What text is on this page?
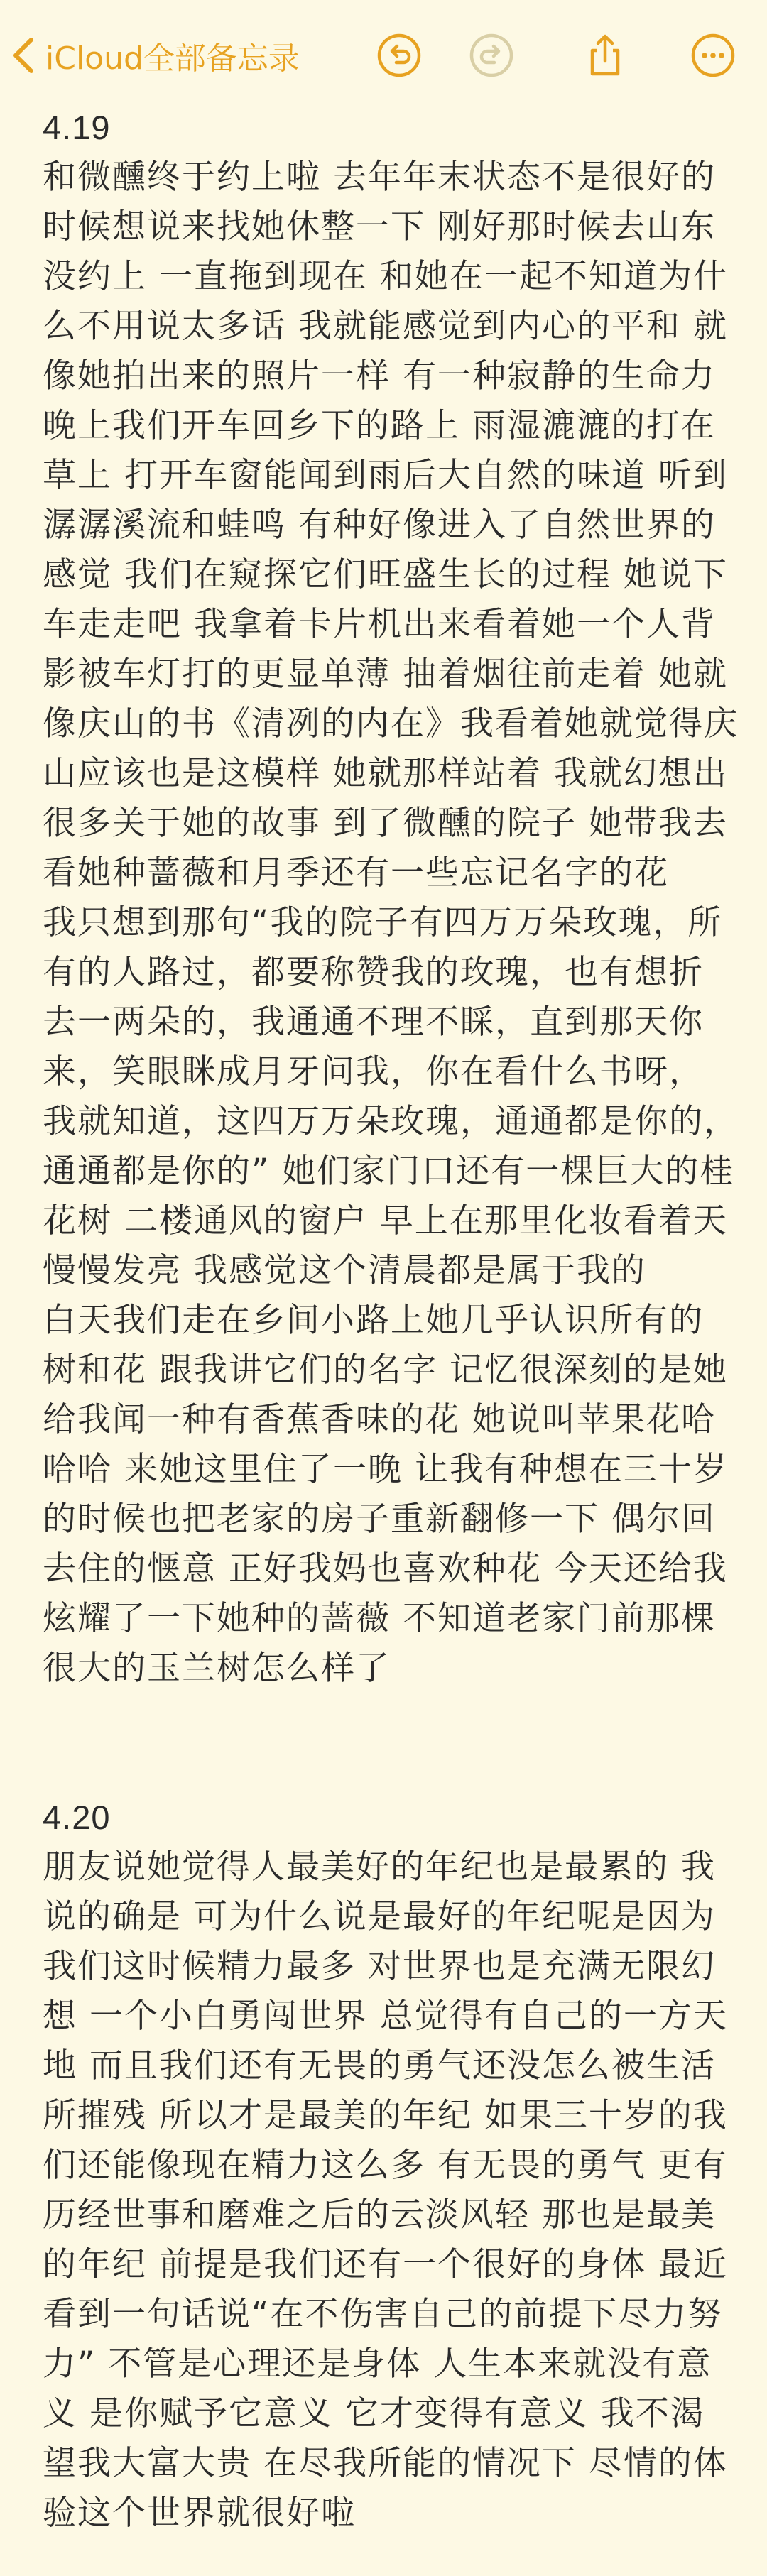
iCloud全部备忘录
4.19
和微醺终于约上啦 去年年末状态不是很好的
时候想说来找她休整一下 刚好那时候去山东
没约上 一直拖到现在 和她在一起不知道为什
么不用说太多话 我就能感觉到内心的平和 就
像她拍出来的照片一样 有一种寂静的生命力
晚上我们开车回乡下的路上 雨湿漉漉的打在
草上 打开车窗能闻到雨后大自然的味道 听到
潺潺溪流和蛙鸣 有种好像进入了自然世界的
感觉 我们在窥探它们旺盛生长的过程 她说下
车走走吧 我拿着卡片机出来看着她一个人背
影被车灯打的更显单薄 抽着烟往前走着 她就
像庆山的书《清冽的内在》我看着她就觉得庆
山应该也是这模样 她就那样站着 我就幻想出
很多关于她的故事 到了微醺的院子 她带我去
看她种蔷薇和月季还有一些忘记名字的花
我只想到那句“我的院子有四万万朵玫瑰，所
有的人路过，都要称赞我的玫瑰，也有想折
去一两朵的，我通通不理不睬，直到那天你
来，笑眼眯成月牙问我，你在看什么书呀，
我就知道，这四万万朵玫瑰，通通都是你的，
通通都是你的” 她们家门口还有一棵巨大的桂
花树 二楼通风的窗户 早上在那里化妆看着天
慢慢发亮 我感觉这个清晨都是属于我的
白天我们走在乡间小路上她几乎认识所有的
树和花 跟我讲它们的名字 记忆很深刻的是她
给我闻一种有香蕉香味的花 她说叫苹果花哈
哈哈 来她这里住了一晚 让我有种想在三十岁
的时候也把老家的房子重新翻修一下 偶尔回
去住的惬意 正好我妈也喜欢种花 今天还给我
炫耀了一下她种的蔷薇 不知道老家门前那棵
很大的玉兰树怎么样了
4.20
朋友说她觉得人最美好的年纪也是最累的 我
说的确是 可为什么说是最好的年纪呢是因为
我们这时候精力最多 对世界也是充满无限幻
想 一个小白勇闯世界 总觉得有自己的一方天
地 而且我们还有无畏的勇气还没怎么被生活
所摧残 所以才是最美的年纪 如果三十岁的我
们还能像现在精力这么多 有无畏的勇气 更有
历经世事和磨难之后的云淡风轻 那也是最美
的年纪 前提是我们还有一个很好的身体 最近
看到一句话说“在不伤害自己的前提下尽力努
力” 不管是心理还是身体 人生本来就没有意
义 是你赋予它意义 它才变得有意义 我不渴
望我大富大贵 在尽我所能的情况下 尽情的体
验这个世界就很好啦
